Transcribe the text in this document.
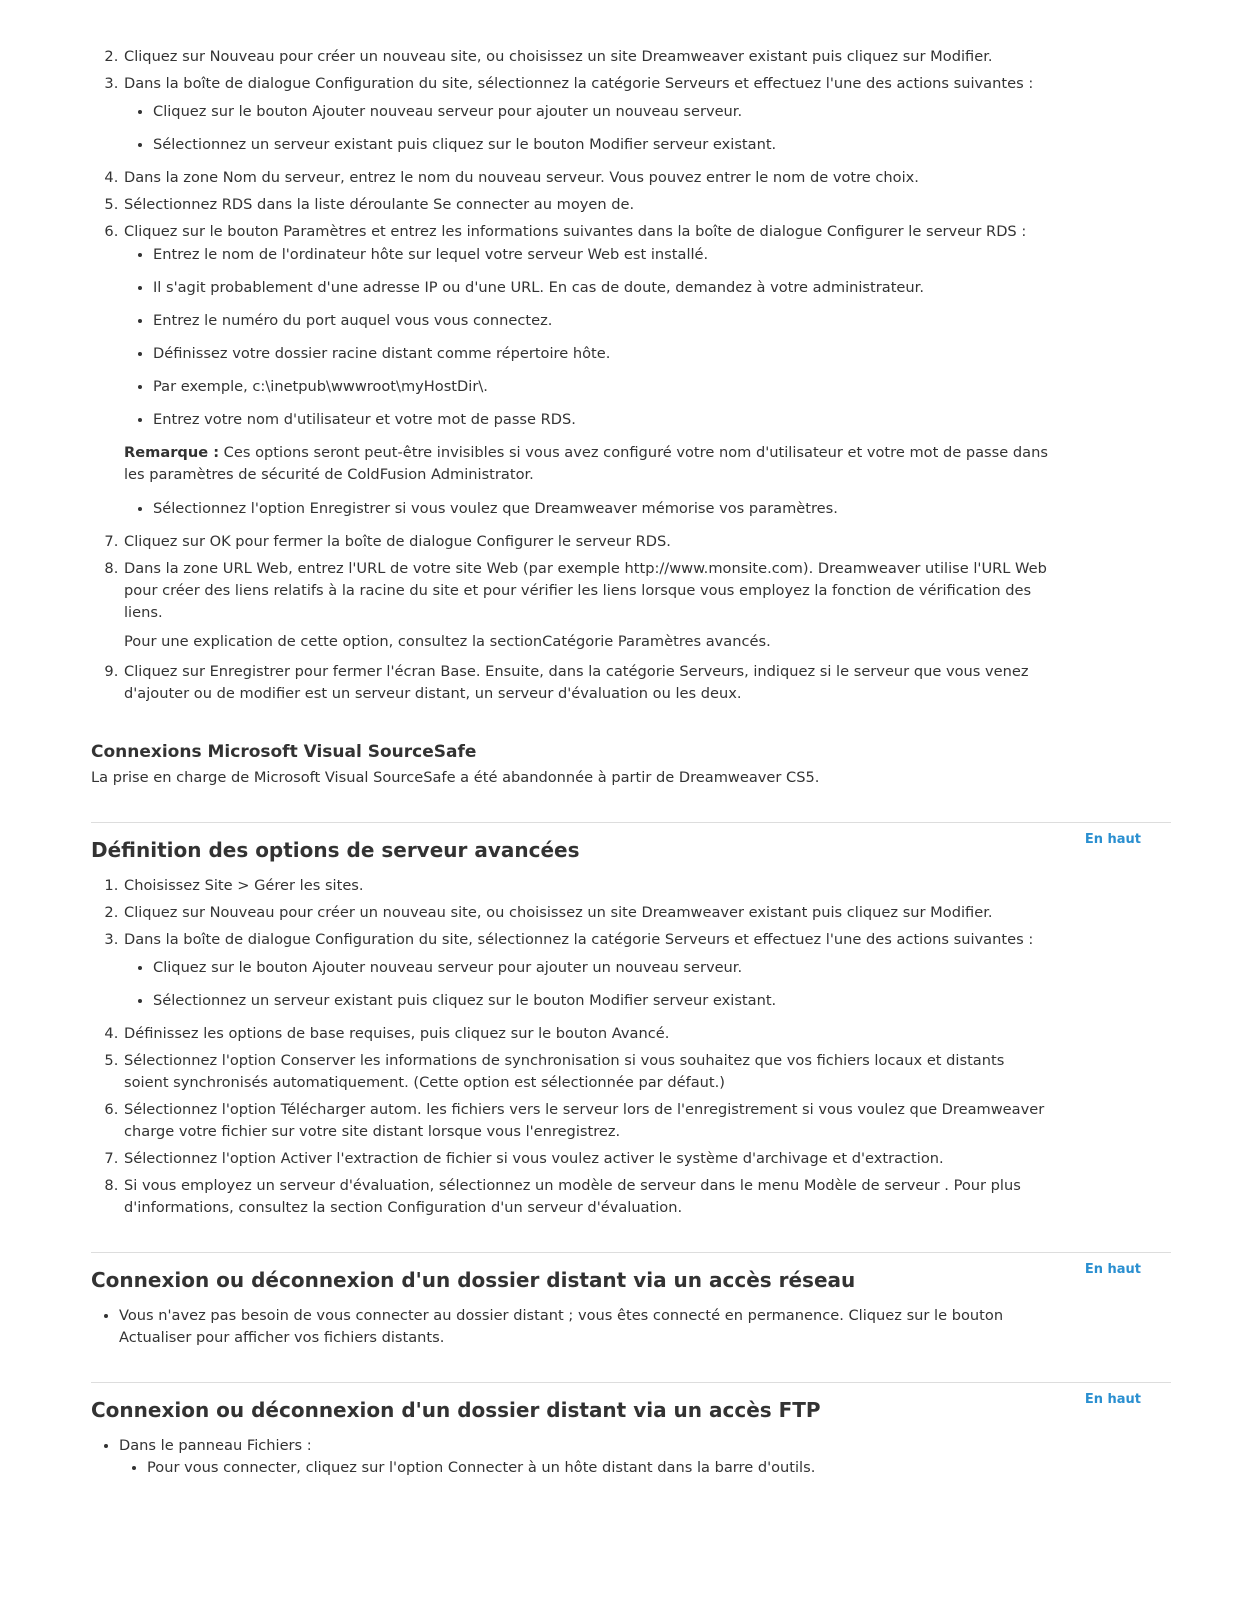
2. Cliquez sur Nouveau pour créer un nouveau site, ou choisissez un site Dreamweaver existant puis cliquez sur Modifier.
3. Dans la boîte de dialogue Configuration du site, sélectionnez la catégorie Serveurs et effectuez l'une des actions suivantes :
• Cliquez sur le bouton Ajouter nouveau serveur pour ajouter un nouveau serveur.
• Sélectionnez un serveur existant puis cliquez sur le bouton Modifier serveur existant.
4. Dans la zone Nom du serveur, entrez le nom du nouveau serveur. Vous pouvez entrer le nom de votre choix.
5. Sélectionnez RDS dans la liste déroulante Se connecter au moyen de.
6. Cliquez sur le bouton Paramètres et entrez les informations suivantes dans la boîte de dialogue Configurer le serveur RDS :
• Entrez le nom de l'ordinateur hôte sur lequel votre serveur Web est installé.
• Il s'agit probablement d'une adresse IP ou d'une URL. En cas de doute, demandez à votre administrateur.
• Entrez le numéro du port auquel vous vous connectez.
• Définissez votre dossier racine distant comme répertoire hôte.
• Par exemple, c:\inetpub\wwwroot\myHostDir\.
• Entrez votre nom d'utilisateur et votre mot de passe RDS.
Remarque : Ces options seront peut-être invisibles si vous avez configuré votre nom d'utilisateur et votre mot de passe dans les paramètres de sécurité de ColdFusion Administrator.
• Sélectionnez l'option Enregistrer si vous voulez que Dreamweaver mémorise vos paramètres.
7. Cliquez sur OK pour fermer la boîte de dialogue Configurer le serveur RDS.
8. Dans la zone URL Web, entrez l'URL de votre site Web (par exemple http://www.monsite.com). Dreamweaver utilise l'URL Web pour créer des liens relatifs à la racine du site et pour vérifier les liens lorsque vous employez la fonction de vérification des liens.
Pour une explication de cette option, consultez la sectionCatégorie Paramètres avancés.
9. Cliquez sur Enregistrer pour fermer l'écran Base. Ensuite, dans la catégorie Serveurs, indiquez si le serveur que vous venez d'ajouter ou de modifier est un serveur distant, un serveur d'évaluation ou les deux.
Connexions Microsoft Visual SourceSafe

La prise en charge de Microsoft Visual SourceSafe a été abandonnée à partir de Dreamweaver CS5.

En haut
Définition des options de serveur avancées
1. Choisissez Site > Gérer les sites.
2. Cliquez sur Nouveau pour créer un nouveau site, ou choisissez un site Dreamweaver existant puis cliquez sur Modifier.
3. Dans la boîte de dialogue Configuration du site, sélectionnez la catégorie Serveurs et effectuez l'une des actions suivantes :
• Cliquez sur le bouton Ajouter nouveau serveur pour ajouter un nouveau serveur.
• Sélectionnez un serveur existant puis cliquez sur le bouton Modifier serveur existant.
4. Définissez les options de base requises, puis cliquez sur le bouton Avancé.
5. Sélectionnez l'option Conserver les informations de synchronisation si vous souhaitez que vos fichiers locaux et distants soient synchronisés automatiquement. (Cette option est sélectionnée par défaut.)
6. Sélectionnez l'option Télécharger autom. les fichiers vers le serveur lors de l'enregistrement si vous voulez que Dreamweaver charge votre fichier sur votre site distant lorsque vous l'enregistrez.
7. Sélectionnez l'option Activer l'extraction de fichier si vous voulez activer le système d'archivage et d'extraction.
8. Si vous employez un serveur d'évaluation, sélectionnez un modèle de serveur dans le menu Modèle de serveur . Pour plus d'informations, consultez la section Configuration d'un serveur d'évaluation.
En haut
Connexion ou déconnexion d'un dossier distant via un accès réseau
• Vous n'avez pas besoin de vous connecter au dossier distant ; vous êtes connecté en permanence. Cliquez sur le bouton Actualiser pour afficher vos fichiers distants.
En haut
Connexion ou déconnexion d'un dossier distant via un accès FTP
• Dans le panneau Fichiers :
• Pour vous connecter, cliquez sur l'option Connecter à un hôte distant dans la barre d'outils.
